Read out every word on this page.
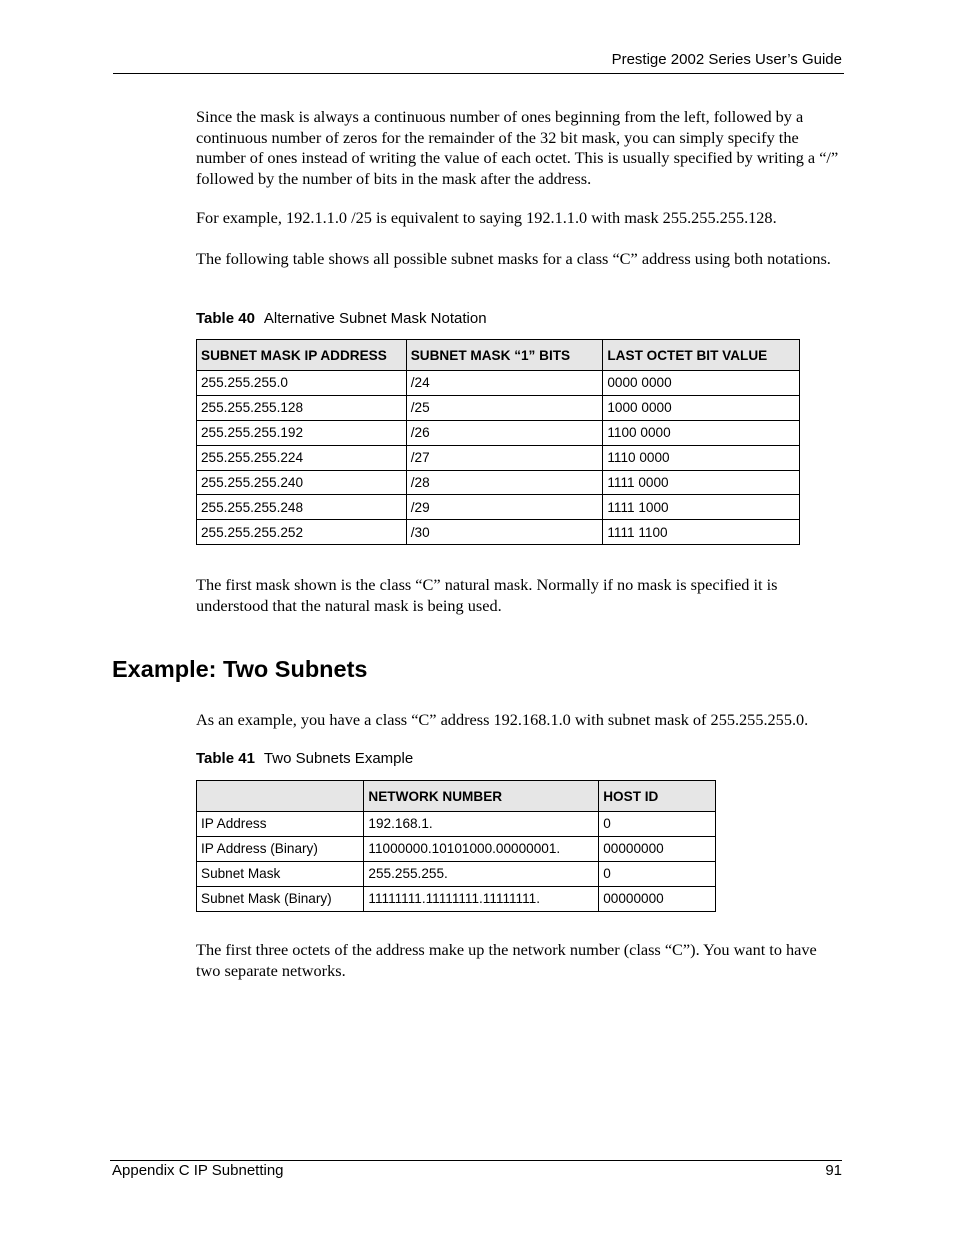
Prestige 2002 Series User’s Guide

Since the mask is always a continuous number of ones beginning from the left, followed by a continuous number of zeros for the remainder of the 32 bit mask, you can simply specify the number of ones instead of writing the value of each octet. This is usually specified by writing a “/” followed by the number of bits in the mask after the address.

For example, 192.1.1.0 /25 is equivalent to saying 192.1.1.0 with mask 255.255.255.128.

The following table shows all possible subnet masks for a class “C” address using both notations.

Table 40 Alternative Subnet Mask Notation
SUBNET MASK IP ADDRESS	SUBNET MASK “1” BITS	LAST OCTET BIT VALUE
255.255.255.0	/24	0000 0000
255.255.255.128	/25	1000 0000
255.255.255.192	/26	1100 0000
255.255.255.224	/27	1110 0000
255.255.255.240	/28	1111 0000
255.255.255.248	/29	1111 1000
255.255.255.252	/30	1111 1100

The first mask shown is the class “C” natural mask. Normally if no mask is specified it is understood that the natural mask is being used.

Example: Two Subnets

As an example, you have a class “C” address 192.168.1.0 with subnet mask of 255.255.255.0.

Table 41 Two Subnets Example
	NETWORK NUMBER	HOST ID
IP Address	192.168.1.	0
IP Address (Binary)	11000000.10101000.00000001.	00000000
Subnet Mask	255.255.255.	0
Subnet Mask (Binary)	11111111.11111111.11111111.	00000000

The first three octets of the address make up the network number (class “C”). You want to have two separate networks.

Appendix C IP Subnetting	91
